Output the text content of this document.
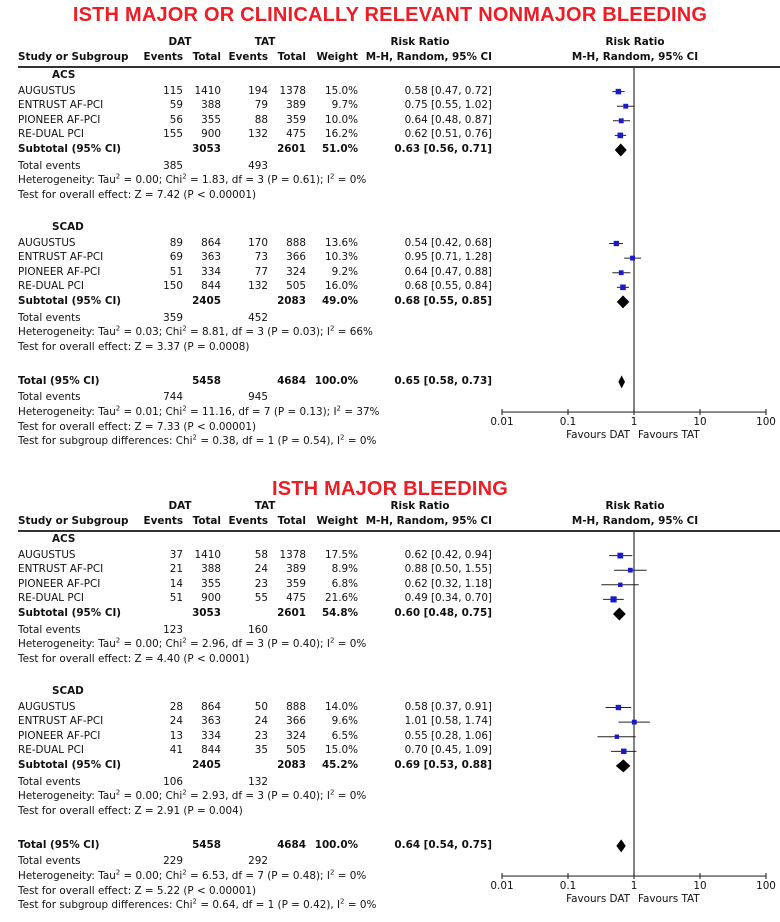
ISTH MAJOR OR CLINICALLY RELEVANT NONMAJOR BLEEDING
DAT	TAT	Risk Ratio	Risk Ratio
Study or Subgroup	Events Total Events Total	Weight M-H, Random, 95% CI	M-H, Random, 95% CI
ACS
AUGUSTUS	115	1410	194	1378	15.0%	0.58 [0.47, 0.72]
ENTRUST AF-PCI	59	388	79	389	9.7%	0.75 [0.55, 1.02]
PIONEER AF-PCI	56	355	88	359	10.0%	0.64 [0.48, 0.87]
RE-DUAL PCI	155	900	132	475	16.2%	0.62 [0.51, 0.76]
Subtotal (95% CI)	3053	2601	51.0%	0.63 [0.56, 0.71]
Total events	385	493
Heterogeneity: Tau$^2$ = 0.00; Chi$^2$ = 1.83, df = 3 (P = 0.61); $I^2 = 0\%$
Test for overall effect: Z = 7.42 (P < 0.00001)
SCAD
AUGUSTUS	89	864	170	888	13.6%	0.54 [0.42, 0.68]
ENTRUST AF-PCI	69	363	73	366	10.3%	0.95 [0.71, 1.28]
PIONEER AF-PCI	51	334	77	324	9.2%	0.64 [0.47, 0.88]
RE-DUAL PCI	150	844	132	505	16.0%	0.68 [0.55, 0.84]
Subtotal (95% CI)	2405	2083	49.0%	0.68 [0.55, 0.85]
Total events	359	452
Heterogeneity: Tau$^2$ = 0.03; Chi$^2$ = 8.81, df = 3 (P = 0.03); $I^2 = 66\%$
Test for overall effect: Z = 3.37 (P = 0.0008)
Total (95% CI)	5458	4684 100.0%	0.65 [0.58, 0.73]
Total events	744	945
Heterogeneity: Tau$^2$ = 0.01; Chi$^2$ = 11.16, df = 7 (P = 0.13); $I^2 = 37\%$
Test for overall effect: Z = 7.33 (P < 0.00001)
Test for subgroup differences: Chi$^2$ = 0.38, df = 1 (P = 0.54), $I^2 = 0\%$
0.01	0.1	1	10	100
Favours DAT Favours TAT
ISTH MAJOR BLEEDING
DAT	TAT	Risk Ratio	Risk Ratio
Study or Subgroup	Events Total Events Total	Weight M-H, Random, 95% CI	M-H, Random, 95% CI
ACS
AUGUSTUS	37	1410	58	1378	17.5%	0.62 [0.42, 0.94]
ENTRUST AF-PCI	21	388	24	389	8.9%	0.88 [0.50, 1.55]
PIONEER AF-PCI	14	355	23	359	6.8%	0.62 [0.32, 1.18]
RE-DUAL PCI	51	900	55	475	21.6%	0.49 [0.34, 0.70]
Subtotal (95% CI)	3053	2601	54.8%	0.60 [0.48, 0.75]
Total events	123	160
Heterogeneity: Tau$^2$ = 0.00; Chi$^2$ = 2.96, df = 3 (P = 0.40); $I^2 = 0\%$
Test for overall effect: Z = 4.40 (P < 0.0001)
SCAD
AUGUSTUS	28	864	50	888	14.0%	0.58 [0.37, 0.91]
ENTRUST AF-PCI	24	363	24	366	9.6%	1.01 [0.58, 1.74]
PIONEER AF-PCI	13	334	23	324	6.5%	0.55 [0.28, 1.06]
RE-DUAL PCI	41	844	35	505	15.0%	0.70 [0.45, 1.09]
Subtotal (95% CI)	2405	2083	45.2%	0.69 [0.53, 0.88]
Total events	106	132
Heterogeneity: Tau$^2$ = 0.00; Chi$^2$ = 2.93, df = 3 (P = 0.40); $I^2 = 0\%$
Test for overall effect: Z = 2.91 (P = 0.004)
Total (95% CI)	5458	4684 100.0%	0.64 [0.54, 0.75]
Total events	229	292
Heterogeneity: Tau$^2$ = 0.00; Chi$^2$ = 6.53, df = 7 (P = 0.48); $I^2 = 0\%$
Test for overall effect: Z = 5.22 (P < 0.00001)
Test for subgroup differences: Chi$^2$ = 0.64, df = 1 (P = 0.42), $I^2 = 0\%$
0.01	0.1	1	10	100
Favours DAT Favours TAT
